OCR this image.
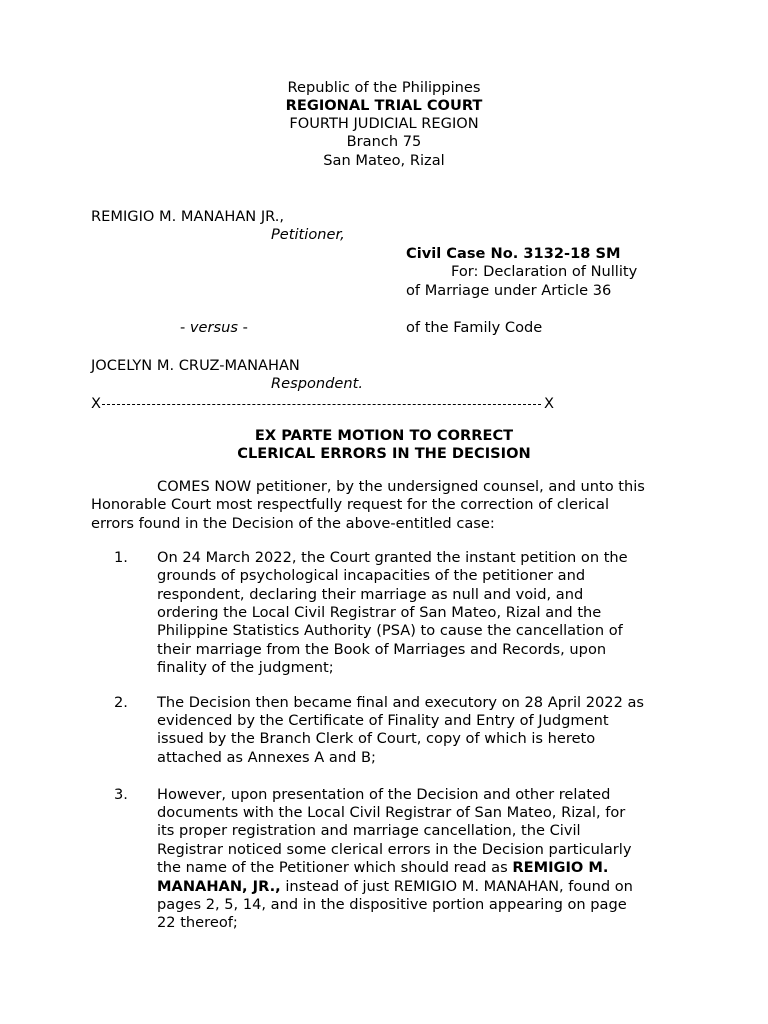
Republic of the Philippines
REGIONAL TRIAL COURT
FOURTH JUDICIAL REGION
Branch 75
San Mateo, Rizal
REMIGIO M. MANAHAN JR.,
Petitioner,
Civil Case No. 3132-18 SM
For: Declaration of Nullity
of Marriage under Article 36
- versus -	of the Family Code
JOCELYN M. CRUZ-MANAHAN
Respondent.
X	X
EX PARTE MOTION TO CORRECT
CLERICAL ERRORS IN THE DECISION
COMES NOW petitioner, by the undersigned counsel, and unto this
Honorable Court most respectfully request for the correction of clerical
errors found in the Decision of the above-entitled case:
1. On 24 March 2022, the Court granted the instant petition on the
grounds of psychological incapacities of the petitioner and
respondent, declaring their marriage as null and void, and
ordering the Local Civil Registrar of San Mateo, Rizal and the
Philippine Statistics Authority (PSA) to cause the cancellation of
their marriage from the Book of Marriages and Records, upon
finality of the judgment;
2. The Decision then became final and executory on 28 April 2022 as
evidenced by the Certificate of Finality and Entry of Judgment
issued by the Branch Clerk of Court, copy of which is hereto
attached as Annexes A and B;
3. However, upon presentation of the Decision and other related
documents with the Local Civil Registrar of San Mateo, Rizal, for
its proper registration and marriage cancellation, the Civil
Registrar noticed some clerical errors in the Decision particularly
the name of the Petitioner which should read as REMIGIO M.
MANAHAN, JR., instead of just REMIGIO M. MANAHAN, found on
pages 2, 5, 14, and in the dispositive portion appearing on page
22 thereof;
